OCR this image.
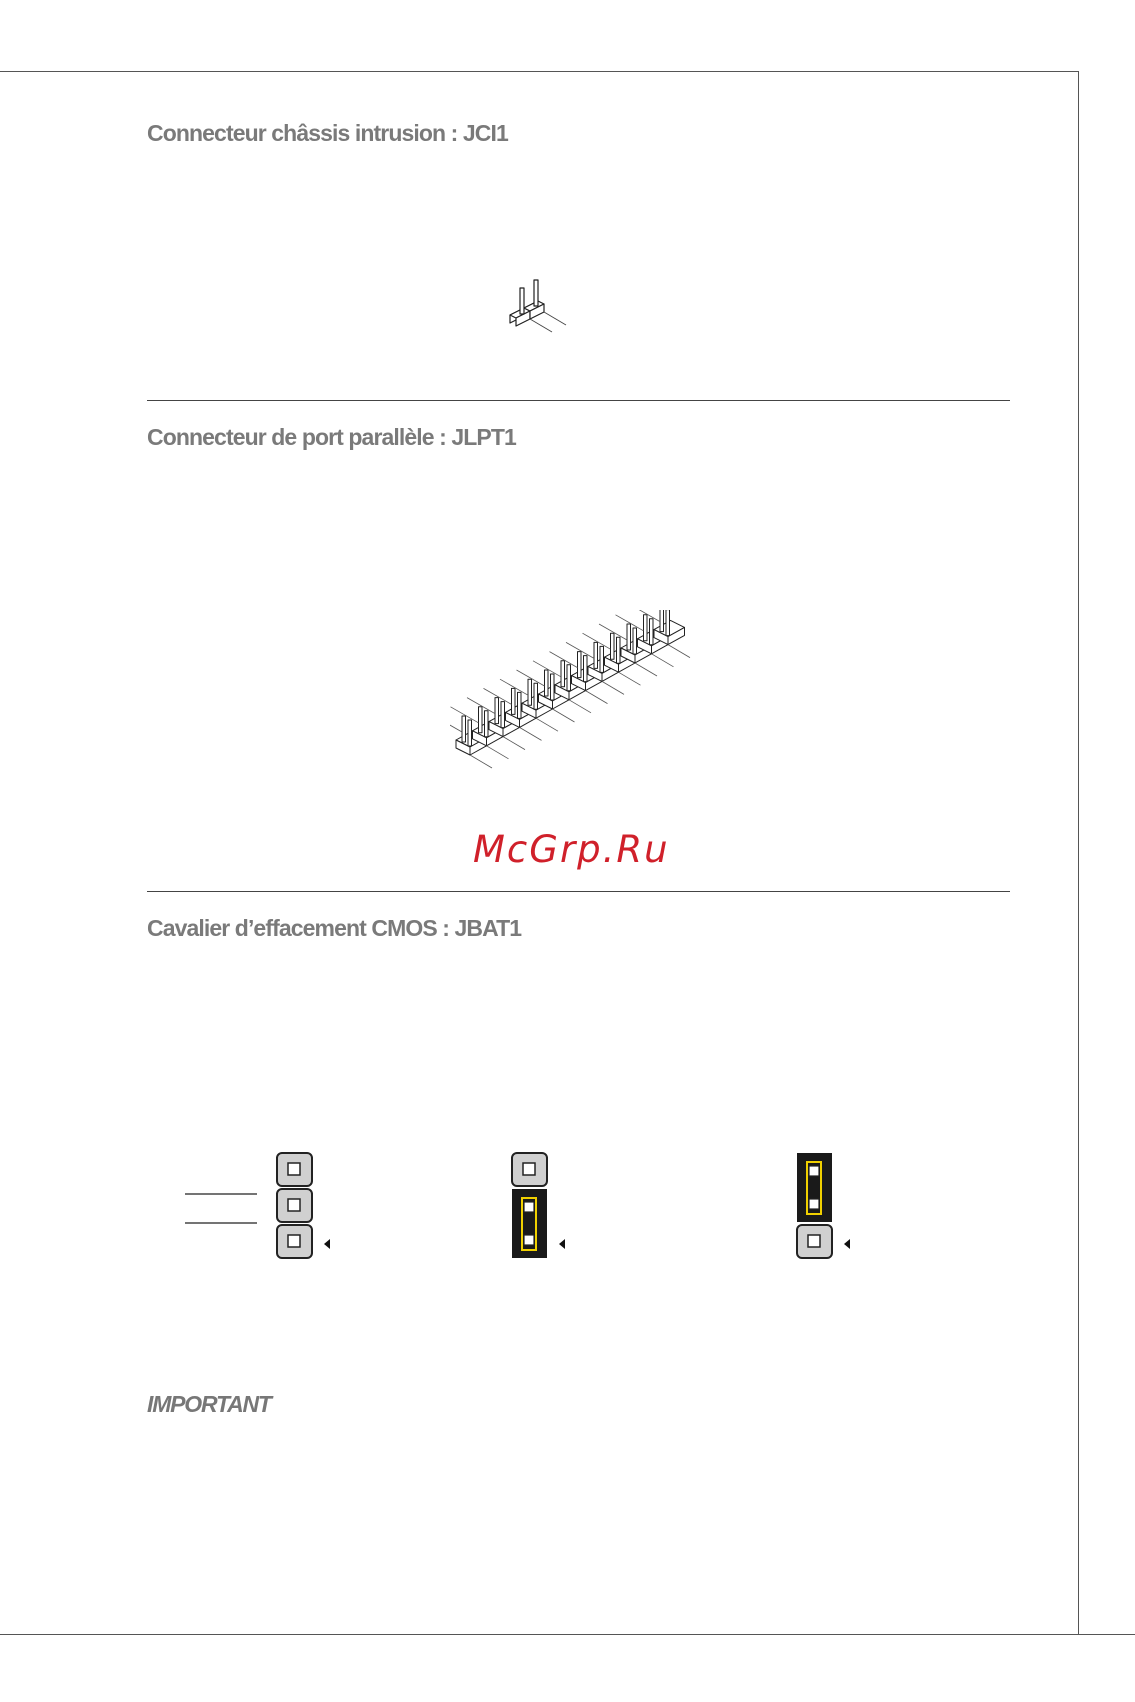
Connecteur châssis intrusion : JCI1
Connecteur de port parallèle : JLPT1

McGrp.Ru

Cavalier d’effacement CMOS : JBAT1
IMPORTANT
